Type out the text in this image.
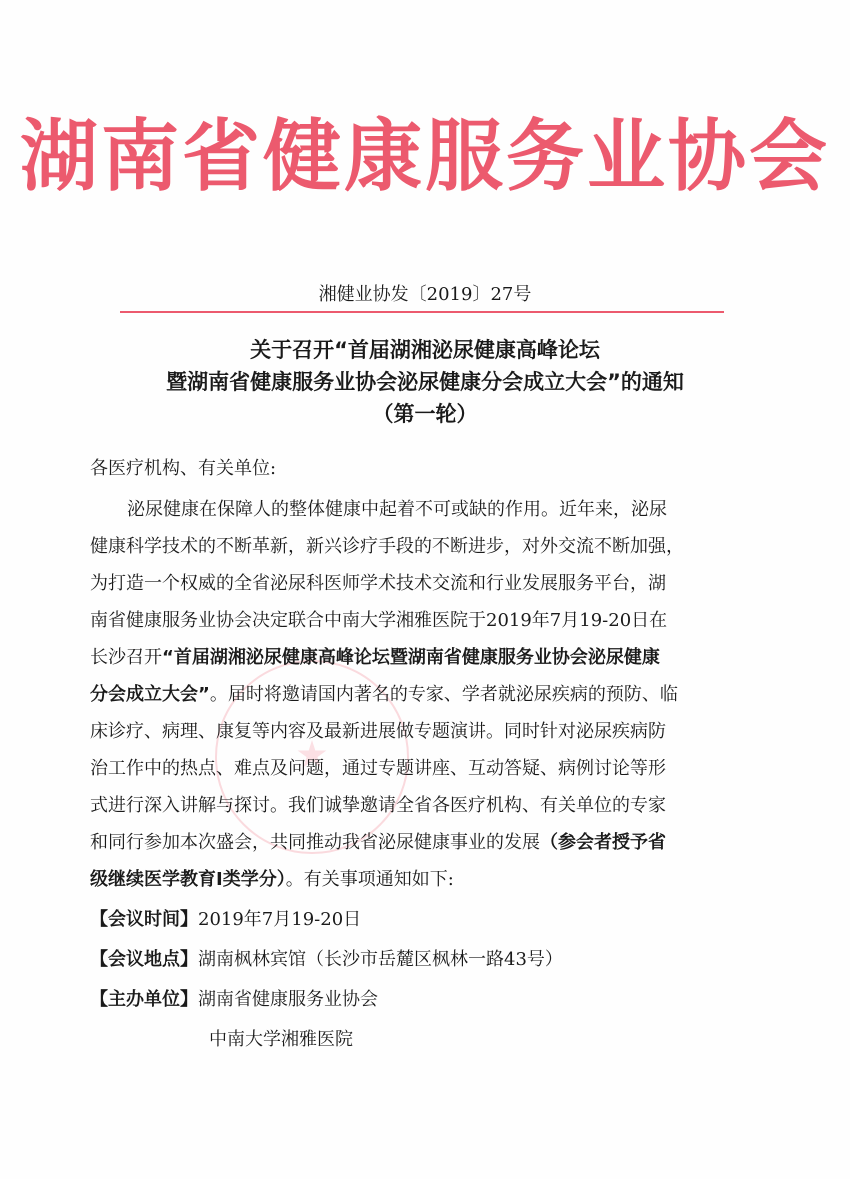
湖南省健康服务业协会
湘健业协发〔2019〕27号
关于召开“首届湖湘泌尿健康高峰论坛
暨湖南省健康服务业协会泌尿健康分会成立大会”的通知
（第一轮）
各医疗机构、有关单位:
泌尿健康在保障人的整体健康中起着不可或缺的作用。近年来，泌尿
健康科学技术的不断革新，新兴诊疗手段的不断进步，对外交流不断加强，
为打造一个权威的全省泌尿科医师学术技术交流和行业发展服务平台，湖
南省健康服务业协会决定联合中南大学湘雅医院于2019年7月19-20日在
长沙召开“首届湖湘泌尿健康高峰论坛暨湖南省健康服务业协会泌尿健康
分会成立大会”。届时将邀请国内著名的专家、学者就泌尿疾病的预防、临
床诊疗、病理、康复等内容及最新进展做专题演讲。同时针对泌尿疾病防
治工作中的热点、难点及问题，通过专题讲座、互动答疑、病例讨论等形
式进行深入讲解与探讨。我们诚挚邀请全省各医疗机构、有关单位的专家
和同行参加本次盛会，共同推动我省泌尿健康事业的发展（参会者授予省
级继续医学教育Ⅰ类学分）。有关事项通知如下:
【会议时间】2019年7月19-20日
【会议地点】湖南枫林宾馆（长沙市岳麓区枫林一路43号）
【主办单位】湖南省健康服务业协会
中南大学湘雅医院
